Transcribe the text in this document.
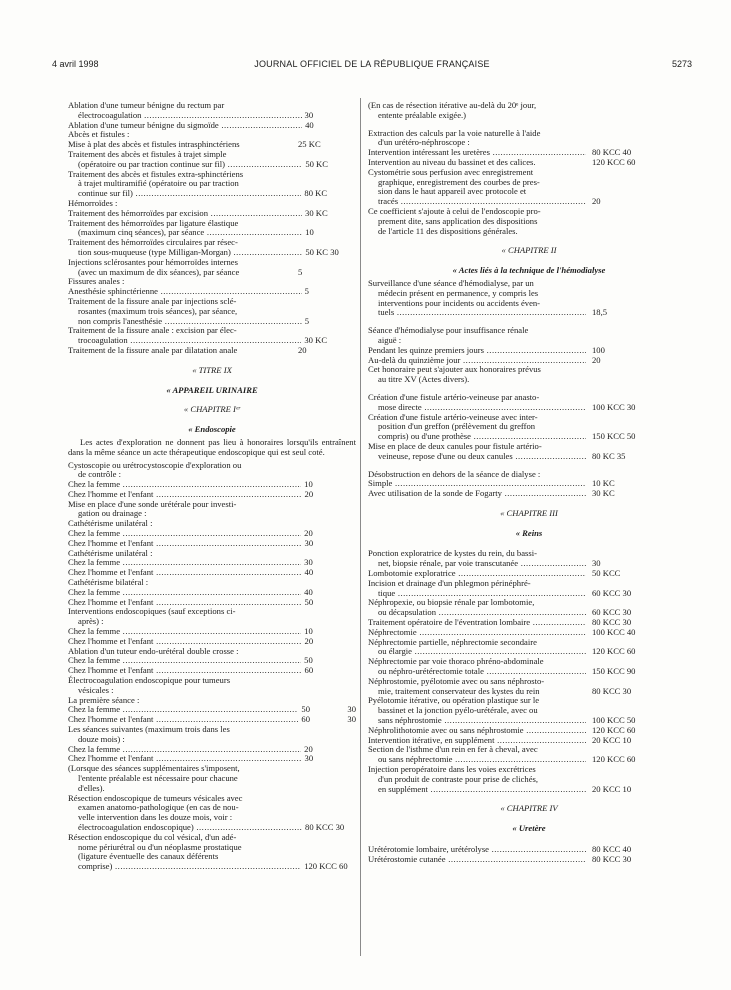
4 avril 1998	JOURNAL OFFICIEL DE LA RÉPUBLIQUE FRANÇAISE	5273
Ablation d'une tumeur bénigne du rectum par
électrocoagulation .....	30
Ablation d'une tumeur bénigne du sigmoïde .....	40
Abcès et fistules :
Mise à plat des abcès et fistules intrasphinctériens	25 KC
Traitement des abcès et fistules à trajet simple
(opératoire ou par traction continue sur fil) .....	50 KC
Traitement des abcès et fistules extra-sphinctériens
à trajet multiramifié (opératoire ou par traction
continue sur fil) .....	80 KC
Hémorroïdes :
Traitement des hémorroïdes par excision .....	30 KC
Traitement des hémorroïdes par ligature élastique
(maximum cinq séances), par séance .....	10
Traitement des hémorroïdes circulaires par résec-
tion sous-muqueuse (type Milligan-Morgan) .....	50 KC 30
Injections sclérosantes pour hémorroïdes internes
(avec un maximum de dix séances), par séance	5
Fissures anales :
Anesthésie sphinctérienne .....	5
Traitement de la fissure anale par injections sclé-
rosantes (maximum trois séances), par séance,
non compris l'anesthésie .....	5
Traitement de la fissure anale : excision par élec-
trocoagulation .....	30 KC
Traitement de la fissure anale par dilatation anale	20
« TITRE IX
« APPAREIL URINAIRE
« CHAPITRE Iᵉʳ
« Endoscopie

Les actes d'exploration ne donnent pas lieu à honoraires lorsqu'ils entraînent dans la même séance un acte thérapeutique endoscopique qui est seul coté.

Cystoscopie ou urétrocystoscopie d'exploration ou
de contrôle :
Chez la femme .....	10
Chez l'homme et l'enfant .....	20
Mise en place d'une sonde urétérale pour investi-
gation ou drainage :
Cathétérisme unilatéral :
Chez la femme .....	20
Chez l'homme et l'enfant .....	30
Cathétérisme unilatéral :
Chez la femme .....	30
Chez l'homme et l'enfant .....	40
Cathétérisme bilatéral :
Chez la femme .....	40
Chez l'homme et l'enfant .....	50
Interventions endoscopiques (sauf exceptions ci-
après) :
Chez la femme .....	10
Chez l'homme et l'enfant .....	20
Ablation d'un tuteur endo-urétéral double crosse :
Chez la femme .....	50
Chez l'homme et l'enfant .....	60
Électrocoagulation endoscopique pour tumeurs
vésicales :
La première séance :
Chez la femme .....	50	30
Chez l'homme et l'enfant .....	60	30
Les séances suivantes (maximum trois dans les
douze mois) :
Chez la femme .....	20
Chez l'homme et l'enfant .....	30
(Lorsque des séances supplémentaires s'imposent,
l'entente préalable est nécessaire pour chacune
d'elles).
Résection endoscopique de tumeurs vésicales avec
examen anatomo-pathologique (en cas de nou-
velle intervention dans les douze mois, voir :
électrocoagulation endoscopique) .....	80 KCC 30
Résection endoscopique du col vésical, d'un adé-
nome périurétral ou d'un néoplasme prostatique
(ligature éventuelle des canaux déférents
comprise) .....	120 KCC 60
(En cas de résection itérative au-delà du 20ᵉ jour,
entente préalable exigée.)
Extraction des calculs par la voie naturelle à l'aide
d'un urétéro-néphroscope :
Intervention intéressant les uretères .....	80 KCC 40
Intervention au niveau du bassinet et des calices.	120 KCC 60
Cystométrie sous perfusion avec enregistrement
graphique, enregistrement des courbes de pres-
sion dans le haut appareil avec protocole et
tracés .....	20
Ce coefficient s'ajoute à celui de l'endoscopie pro-
prement dite, sans application des dispositions
de l'article 11 des dispositions générales.
« CHAPITRE II
« Actes liés à la technique de l'hémodialyse
Surveillance d'une séance d'hémodialyse, par un
médecin présent en permanence, y compris les
interventions pour incidents ou accidents éven-
tuels .....	18,5
Séance d'hémodialyse pour insuffisance rénale
aiguë :
Pendant les quinze premiers jours .....	100
Au-delà du quinzième jour .....	20
Cet honoraire peut s'ajouter aux honoraires prévus
au titre XV (Actes divers).
Création d'une fistule artério-veineuse par anasto-
mose directe .....	100 KCC 30
Création d'une fistule artério-veineuse avec inter-
position d'un greffon (prélèvement du greffon
compris) ou d'une prothèse .....	150 KCC 50
Mise en place de deux canules pour fistule artério-
veineuse, repose d'une ou deux canules .....	80 KC 35
Désobstruction en dehors de la séance de dialyse :
Simple .....	10 KC
Avec utilisation de la sonde de Fogarty .....	30 KC
« CHAPITRE III
« Reins
Ponction exploratrice de kystes du rein, du bassi-
net, biopsie rénale, par voie transcutanée .....	30
Lombotomie exploratrice .....	50 KCC
Incision et drainage d'un phlegmon périnéphré-
tique .....	60 KCC 30
Néphropexie, ou biopsie rénale par lombotomie,
ou décapsulation .....	60 KCC 30
Traitement opératoire de l'éventration lombaire .....	80 KCC 30
Néphrectomie .....	100 KCC 40
Néphrectomie partielle, néphrectomie secondaire
ou élargie .....	120 KCC 60
Néphrectomie par voie thoraco phréno-abdominale
ou néphro-urétérectomie totale .....	150 KCC 90
Néphrostomie, pyélotomie avec ou sans néphrosto-
mie, traitement conservateur des kystes du rein	80 KCC 30
Pyélotomie itérative, ou opération plastique sur le
bassinet et la jonction pyélo-urétérale, avec ou
sans néphrostomie .....	100 KCC 50
Néphrolithotomie avec ou sans néphrostomie .....	120 KCC 60
Intervention itérative, en supplément .....	20 KCC 10
Section de l'isthme d'un rein en fer à cheval, avec
ou sans néphrectomie .....	120 KCC 60
Injection peropératoire dans les voies excrétrices
d'un produit de contraste pour prise de clichés,
en supplément .....	20 KCC 10
« CHAPITRE IV
« Uretère
Urétérotomie lombaire, urétérolyse .....	80 KCC 40
Urétérostomie cutanée .....	80 KCC 30
